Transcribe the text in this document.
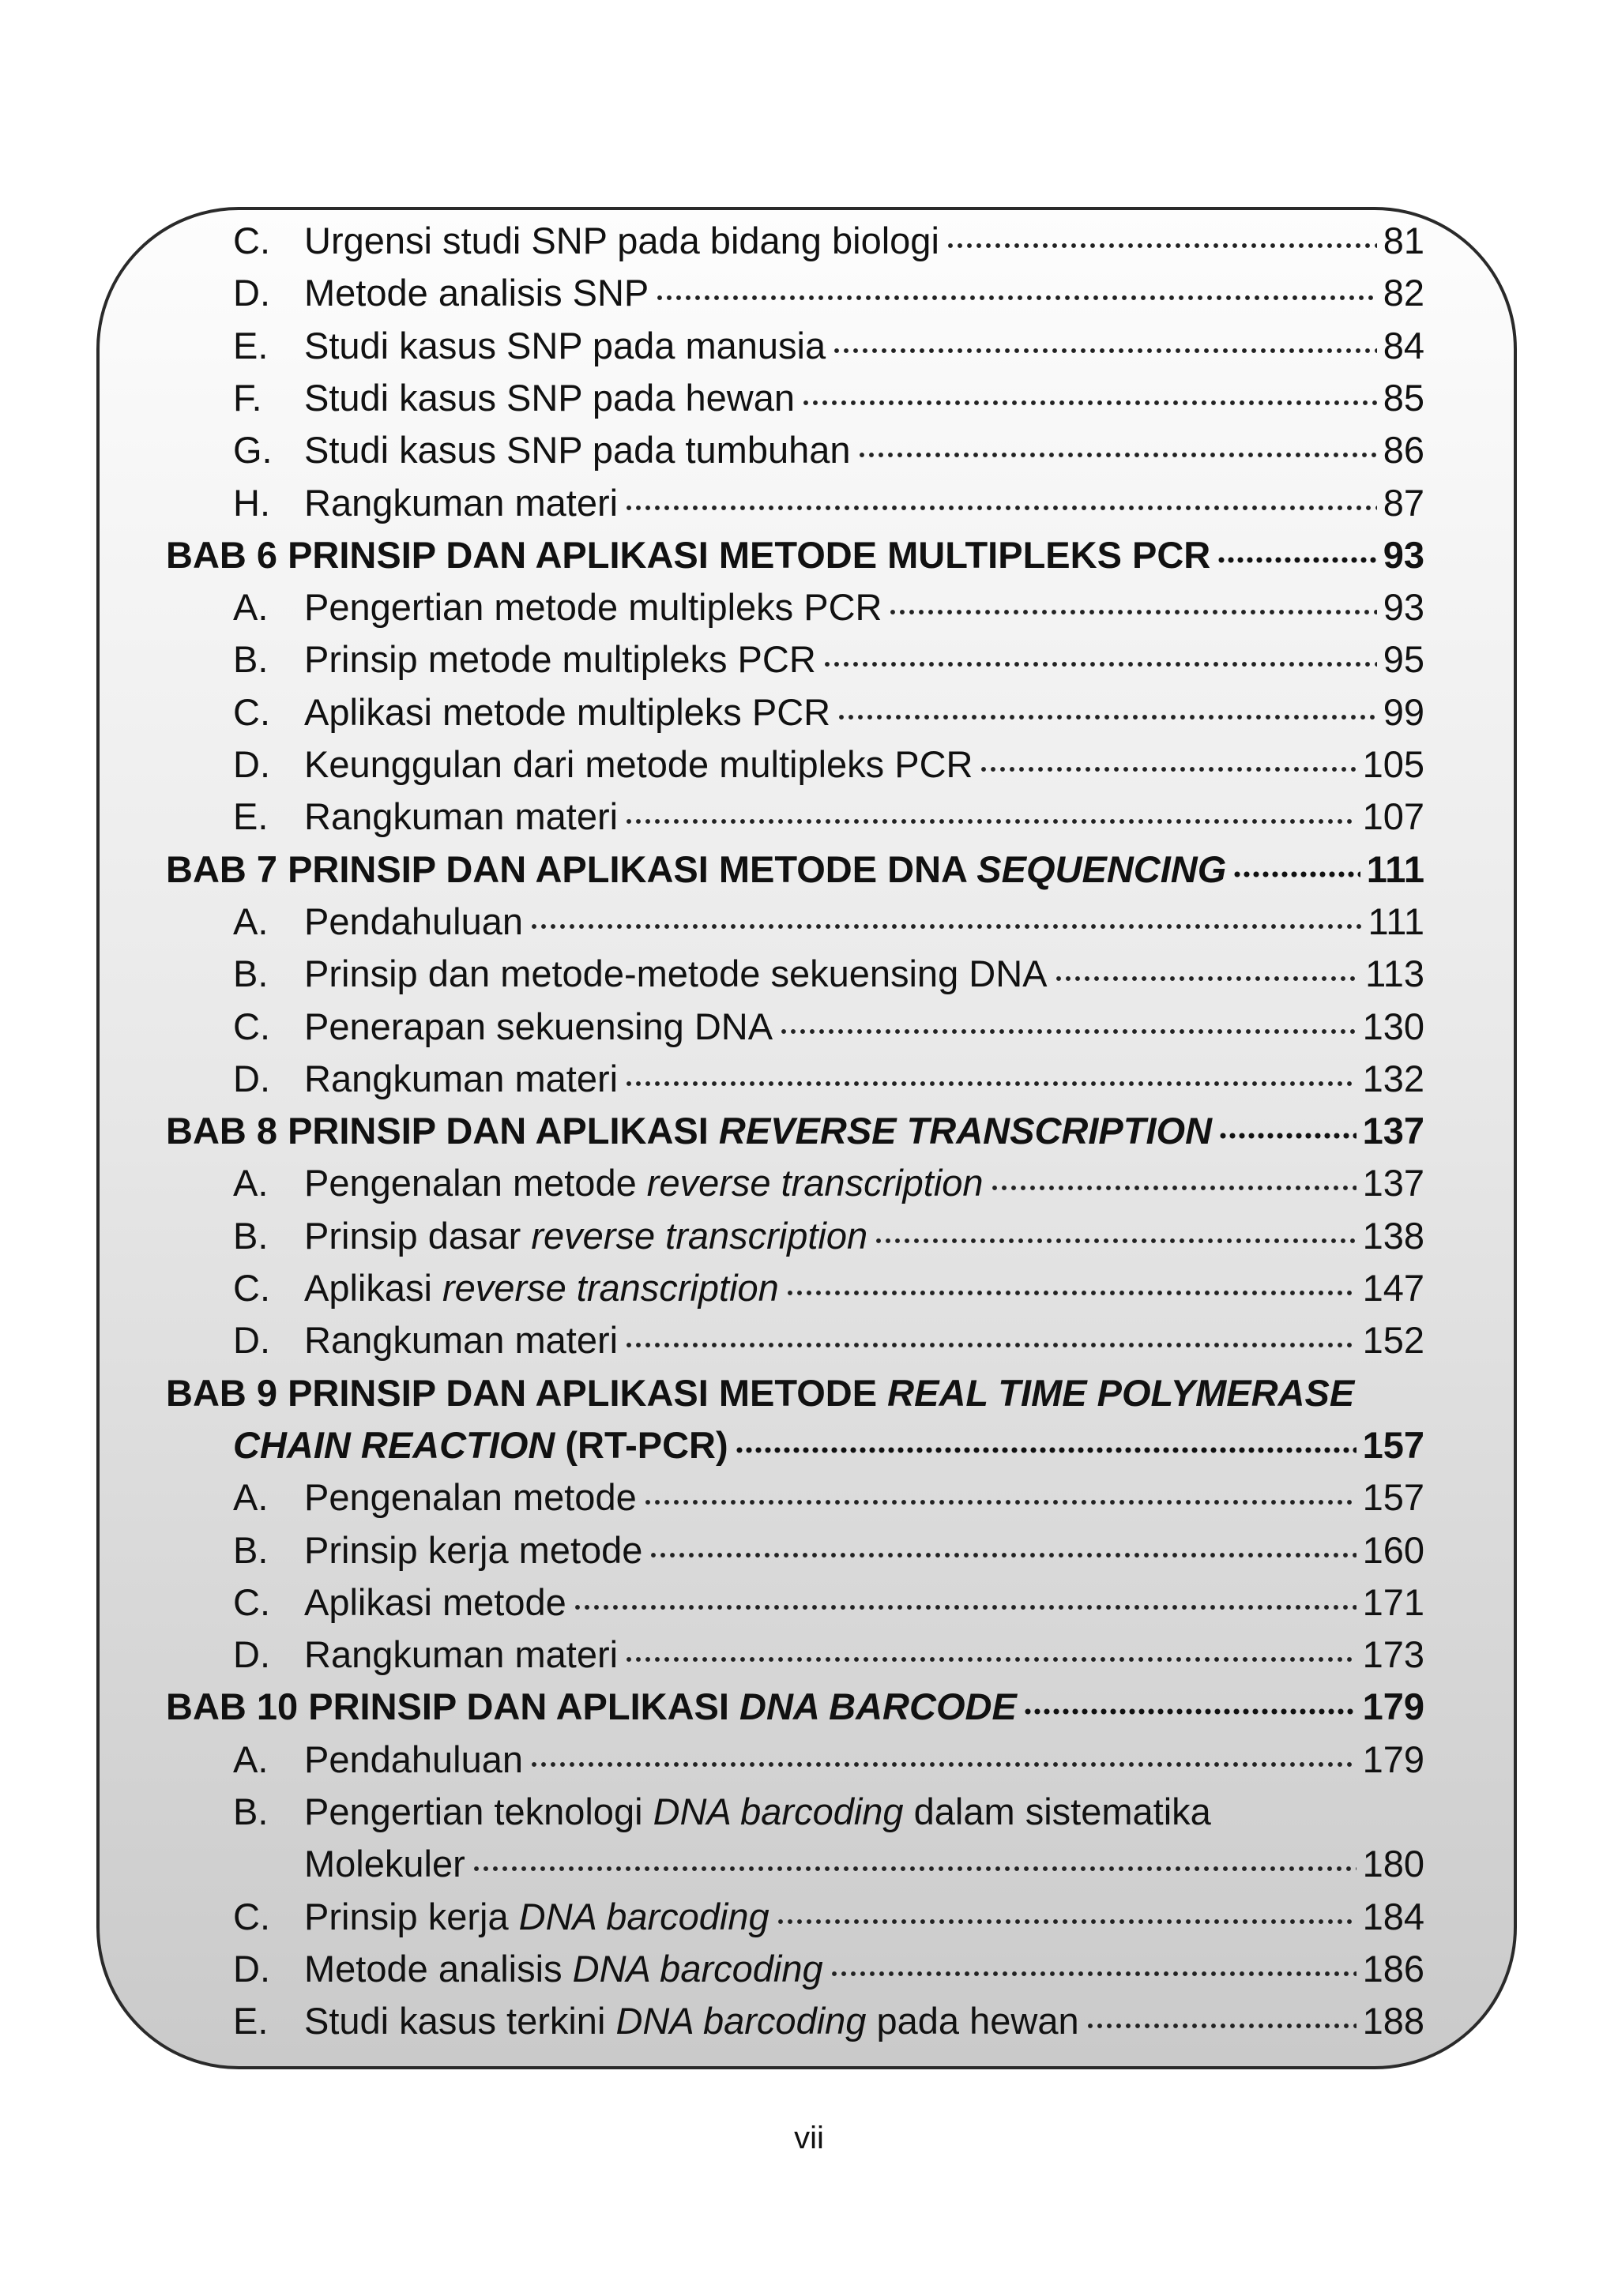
C. Urgensi studi SNP pada bidang biologi	81
D. Metode analisis SNP	82
E. Studi kasus SNP pada manusia	84
F.	Studi kasus SNP pada hewan	85
G. Studi kasus SNP pada tumbuhan	86
H. Rangkuman materi	87
BAB 6 PRINSIP DAN APLIKASI METODE MULTIPLEKS PCR	93
A. Pengertian metode multipleks PCR	93
B. Prinsip metode multipleks PCR	95
C. Aplikasi metode multipleks PCR	99
D. Keunggulan dari metode multipleks PCR	105
E. Rangkuman materi	107
BAB 7 PRINSIP DAN APLIKASI METODE DNA SEQUENCING	111
A. Pendahuluan	111
B. Prinsip dan metode-metode sekuensing DNA	113
C. Penerapan sekuensing DNA	130
D. Rangkuman materi	132
BAB 8 PRINSIP DAN APLIKASI REVERSE TRANSCRIPTION	137
A. Pengenalan metode reverse transcription	137
B. Prinsip dasar reverse transcription	138
C. Aplikasi reverse transcription	147
D. Rangkuman materi	152
BAB 9 PRINSIP DAN APLIKASI METODE REAL TIME POLYMERASE
CHAIN REACTION (RT-PCR)	157
A. Pengenalan metode	157
B. Prinsip kerja metode	160
C. Aplikasi metode	171
D. Rangkuman materi	173
BAB 10 PRINSIP DAN APLIKASI DNA BARCODE	179
A. Pendahuluan	179
B. Pengertian teknologi DNA barcoding dalam sistematika
Molekuler	180
C. Prinsip kerja DNA barcoding	184
D. Metode analisis DNA barcoding	186
E. Studi kasus terkini DNA barcoding pada hewan	188
vii
